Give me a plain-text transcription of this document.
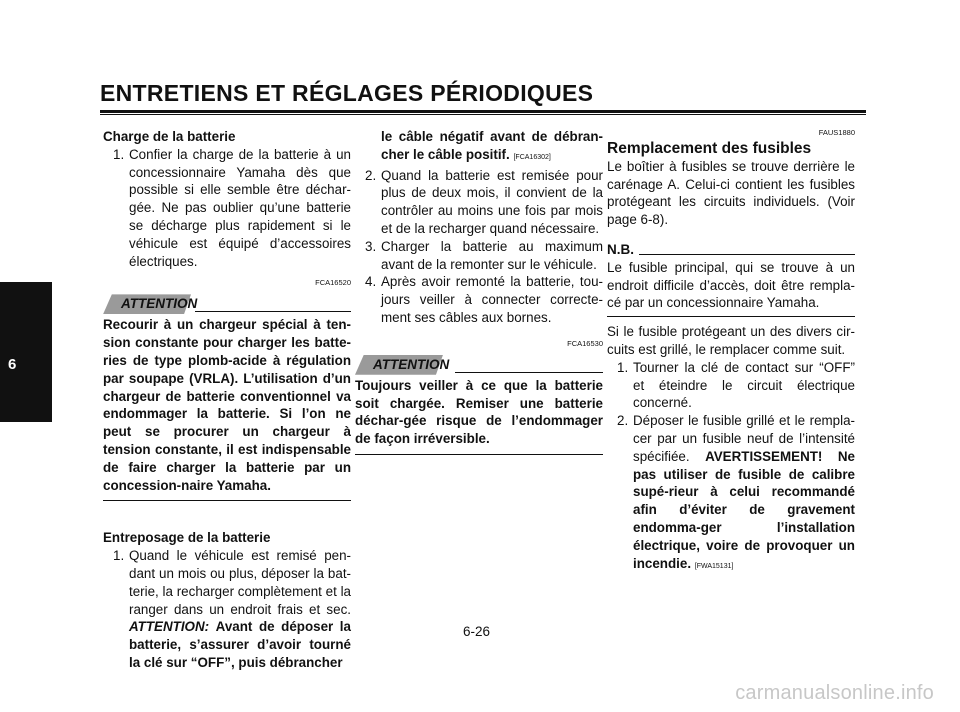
ENTRETIENS ET RÉGLAGES PÉRIODIQUES
6

Charge de la batterie

1. Confier la charge de la batterie à un concessionnaire Yamaha dès que possible si elle semble être déchar-gée. Ne pas oublier qu’une batterie se décharge plus rapidement si le véhicule est équipé d’accessoires électriques.
FCA16520
ATTENTION

Recourir à un chargeur spécial à ten-sion constante pour charger les batte-ries de type plomb-acide à régulation par soupape (VRLA). L’utilisation d’un chargeur de batterie conventionnel va endommager la batterie. Si l’on ne peut se procurer un chargeur à tension constante, il est indispensable de faire charger la batterie par un concession-naire Yamaha.

Entreposage de la batterie

1. Quand le véhicule est remisé pen-dant un mois ou plus, déposer la bat-terie, la recharger complètement et la ranger dans un endroit frais et sec. ATTENTION: Avant de déposer la batterie, s’assurer d’avoir tourné la clé sur “OFF”, puis débrancher
le câble négatif avant de débran-cher le câble positif. [FCA16302]
2. Quand la batterie est remisée pour plus de deux mois, il convient de la contrôler au moins une fois par mois et de la recharger quand nécessaire.
3. Charger la batterie au maximum avant de la remonter sur le véhicule.
4. Après avoir remonté la batterie, tou-jours veiller à connecter correcte-ment ses câbles aux bornes.
FCA16530
ATTENTION

Toujours veiller à ce que la batterie soit chargée. Remiser une batterie déchar-gée risque de l’endommager de façon irréversible.

FAUS1880

Remplacement des fusibles

Le boîtier à fusibles se trouve derrière le carénage A. Celui-ci contient les fusibles protégeant les circuits individuels. (Voir page 6-8).

N.B.

Le fusible principal, qui se trouve à un endroit difficile d’accès, doit être rempla-cé par un concessionnaire Yamaha.

Si le fusible protégeant un des divers cir-cuits est grillé, le remplacer comme suit.

1. Tourner la clé de contact sur “OFF” et éteindre le circuit électrique concerné.
2. Déposer le fusible grillé et le rempla-cer par un fusible neuf de l’intensité spécifiée. AVERTISSEMENT! Ne pas utiliser de fusible de calibre supé-rieur à celui recommandé afin d’éviter de gravement endomma-ger l’installation électrique, voire de provoquer un incendie. [FWA15131]
6-26
carmanualsonline.info
